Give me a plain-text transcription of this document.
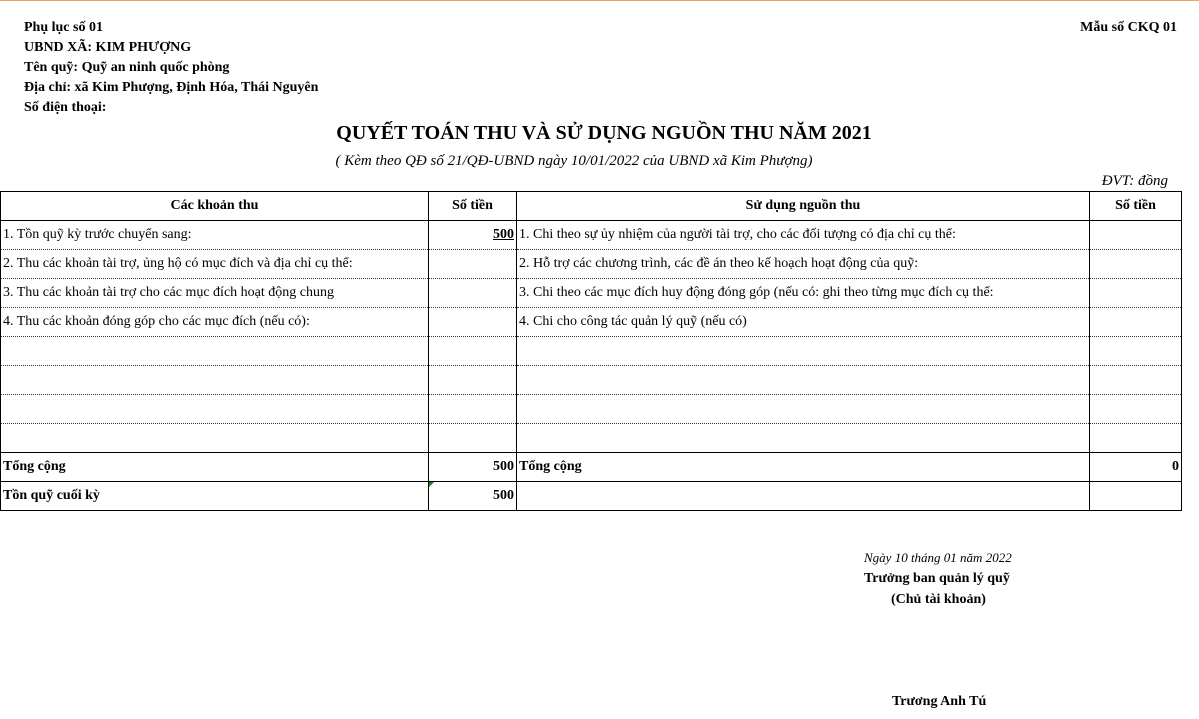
Phụ lục số 01	Mẫu số CKQ 01
UBND XÃ: KIM PHƯỢNG
Tên quỹ: Quỹ an ninh quốc phòng
Địa chỉ: xã Kim Phượng, Định Hóa, Thái Nguyên
Số điện thoại:
QUYẾT TOÁN THU VÀ SỬ DỤNG NGUỒN THU NĂM 2021
( Kèm theo QĐ số 21/QĐ-UBND ngày 10/01/2022 của UBND xã Kim Phượng)
ĐVT: đồng
Các khoản thu	Số tiền	Sử dụng nguồn thu	Số tiền
1. Tồn quỹ kỳ trước chuyển sang:	500	1. Chi theo sự ủy nhiệm của người tài trợ, cho các đối tượng có địa chỉ cụ thể:	
2. Thu các khoản tài trợ, ủng hộ có mục đích và địa chỉ cụ thể:		2. Hỗ trợ các chương trình, các đề án theo kế hoạch hoạt động của quỹ:	
3. Thu các khoản tài trợ cho các mục đích hoạt động chung		3. Chi theo các mục đích huy động đóng góp (nếu có: ghi theo từng mục đích cụ thể:	
4. Thu các khoản đóng góp cho các mục đích (nếu có):		4. Chi cho công tác quản lý quỹ (nếu có)	

Tổng cộng	500	Tổng cộng	0
Tồn quỹ cuối kỳ	500		
Ngày 10 tháng 01 năm 2022
Trưởng ban quản lý quỹ
(Chủ tài khoản)
Trương Anh Tú
